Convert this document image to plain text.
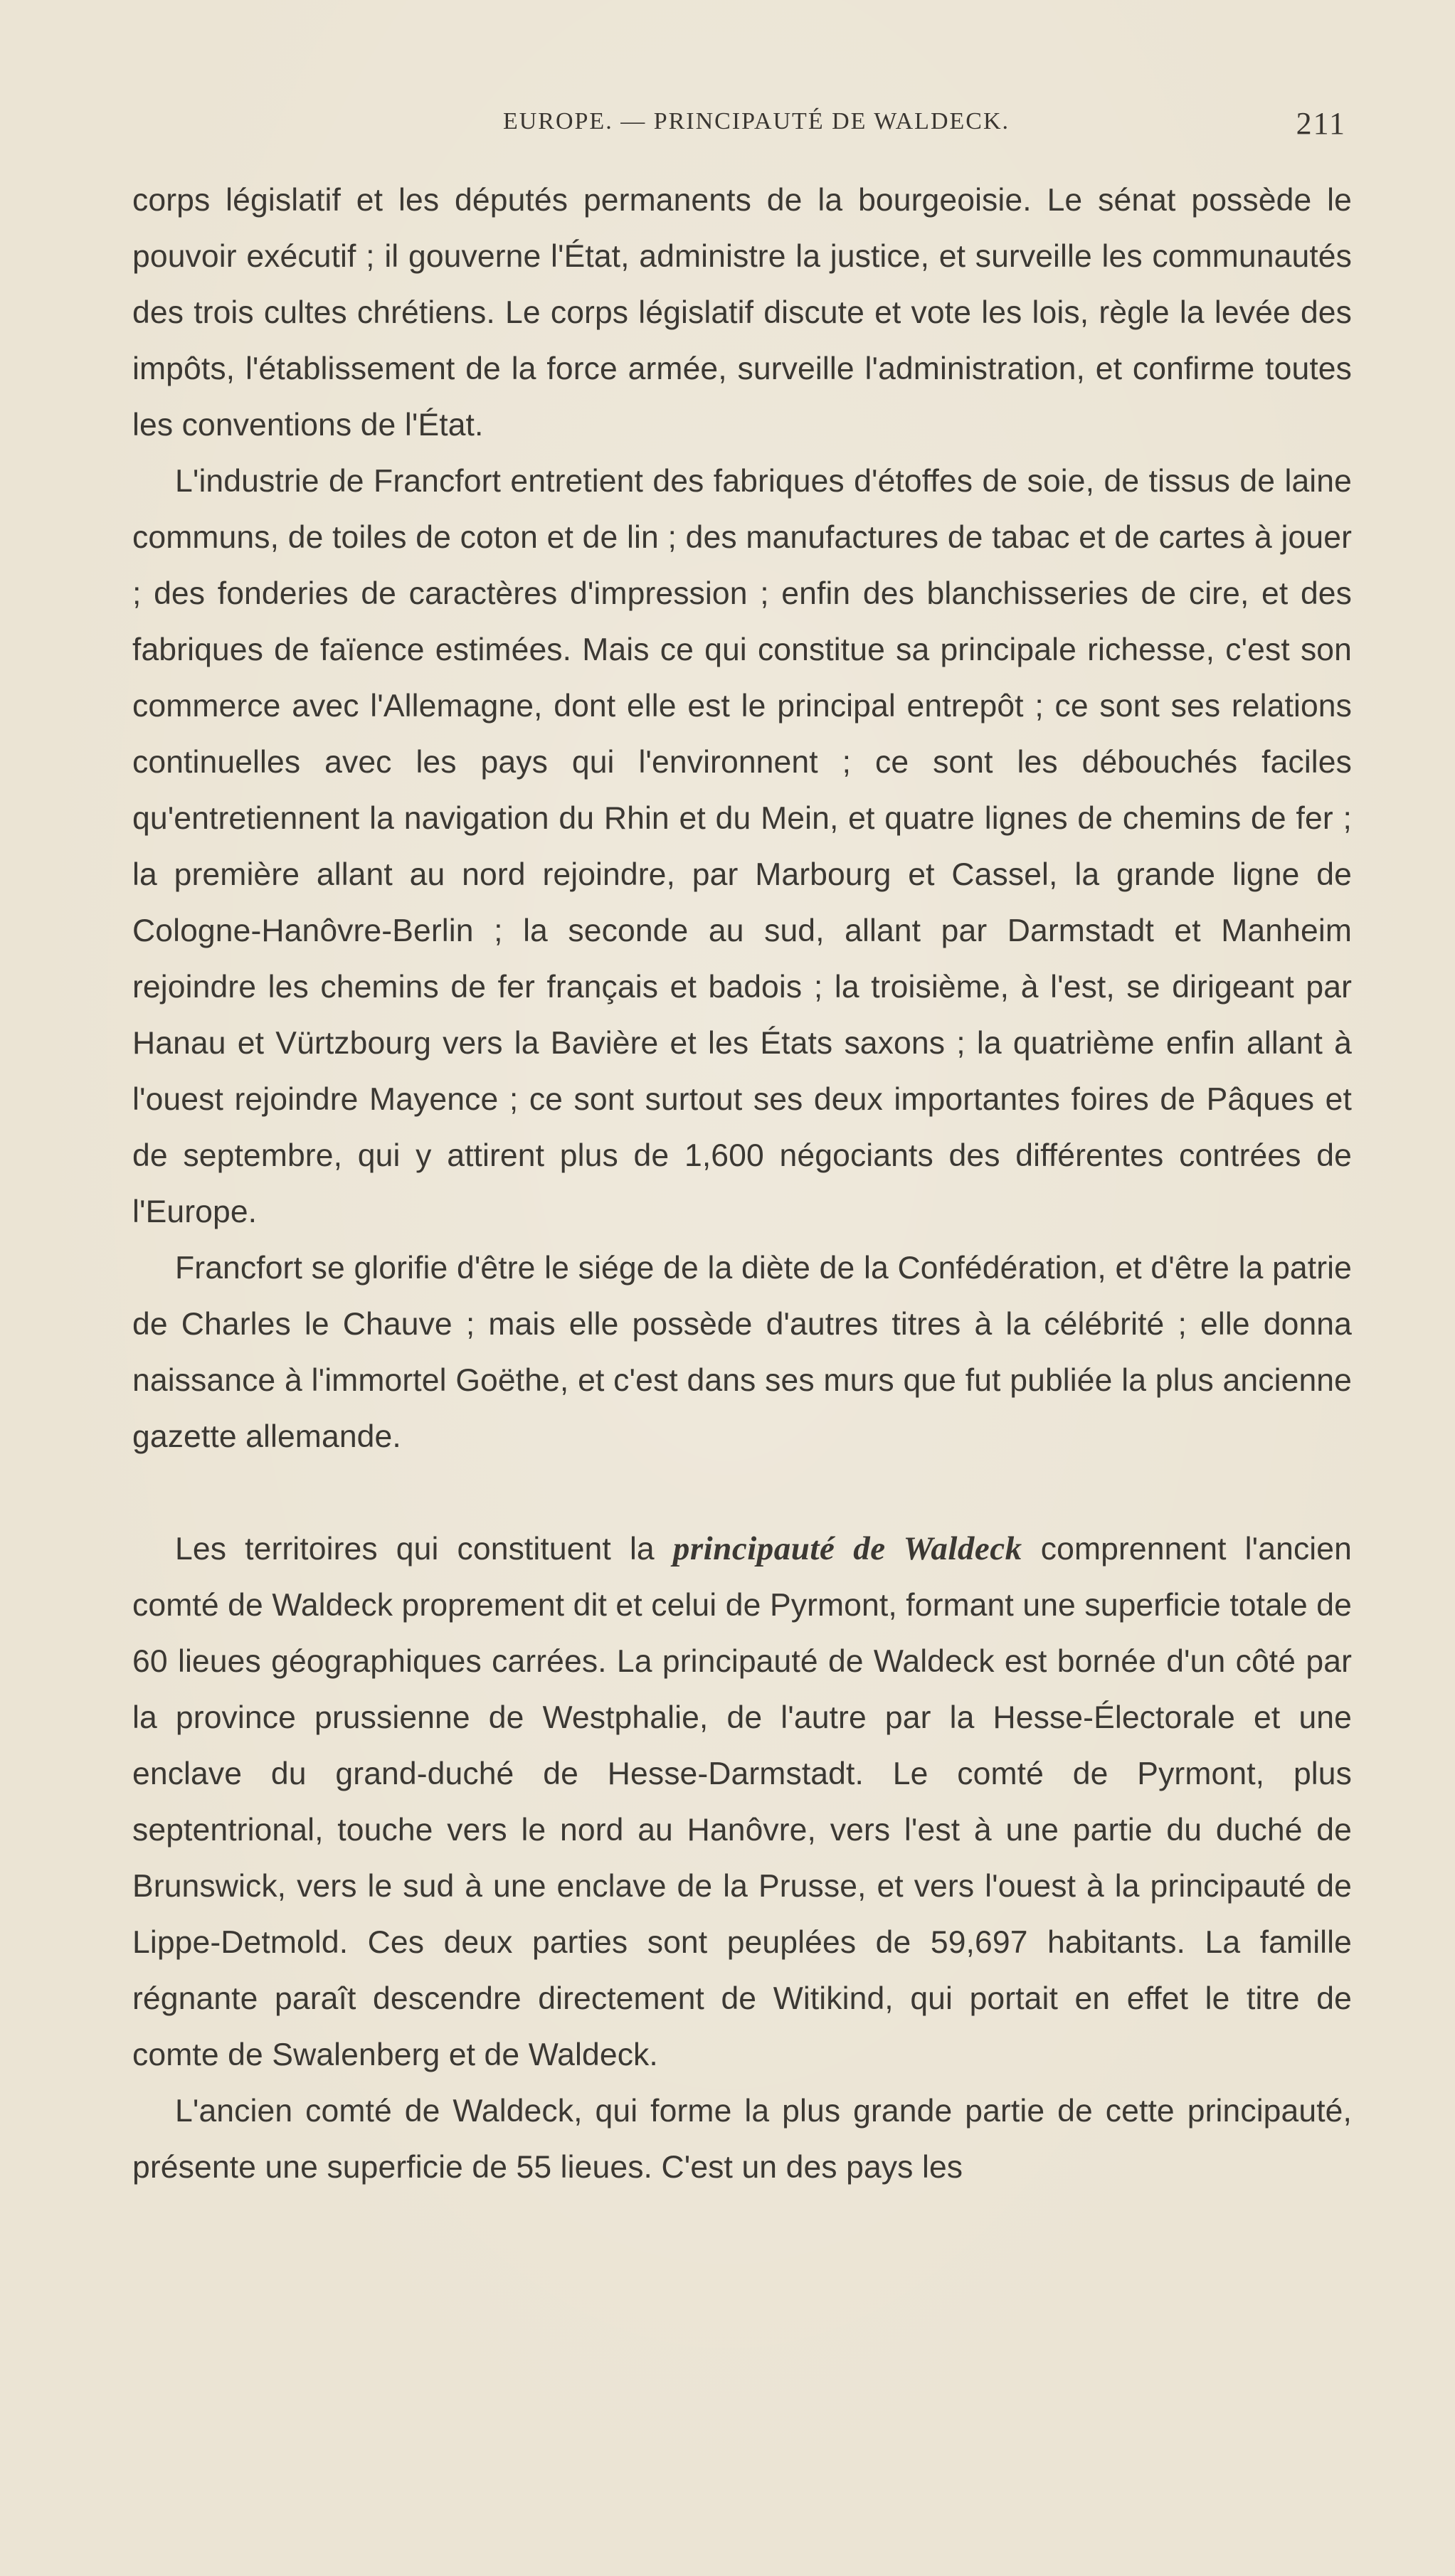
EUROPE. — PRINCIPAUTÉ DE WALDECK.	211

corps législatif et les députés permanents de la bourgeoisie. Le sénat possède le pouvoir exécutif ; il gouverne l'État, administre la justice, et surveille les communautés des trois cultes chrétiens. Le corps législatif discute et vote les lois, règle la levée des impôts, l'établissement de la force armée, surveille l'administration, et confirme toutes les conventions de l'État.

L'industrie de Francfort entretient des fabriques d'étoffes de soie, de tissus de laine communs, de toiles de coton et de lin ; des manufactures de tabac et de cartes à jouer ; des fonderies de caractères d'impression ; enfin des blanchisseries de cire, et des fabriques de faïence estimées. Mais ce qui constitue sa principale richesse, c'est son commerce avec l'Allemagne, dont elle est le principal entrepôt ; ce sont ses relations continuelles avec les pays qui l'environnent ; ce sont les débouchés faciles qu'entretiennent la navigation du Rhin et du Mein, et quatre lignes de chemins de fer ; la première allant au nord rejoindre, par Marbourg et Cassel, la grande ligne de Cologne-Hanôvre-Berlin ; la seconde au sud, allant par Darmstadt et Manheim rejoindre les chemins de fer français et badois ; la troisième, à l'est, se dirigeant par Hanau et Vürtzbourg vers la Bavière et les États saxons ; la quatrième enfin allant à l'ouest rejoindre Mayence ; ce sont surtout ses deux importantes foires de Pâques et de septembre, qui y attirent plus de 1,600 négociants des différentes contrées de l'Europe.

Francfort se glorifie d'être le siége de la diète de la Confédération, et d'être la patrie de Charles le Chauve ; mais elle possède d'autres titres à la célébrité ; elle donna naissance à l'immortel Goëthe, et c'est dans ses murs que fut publiée la plus ancienne gazette allemande.

Les territoires qui constituent la principauté de Waldeck comprennent l'ancien comté de Waldeck proprement dit et celui de Pyrmont, formant une superficie totale de 60 lieues géographiques carrées. La principauté de Waldeck est bornée d'un côté par la province prussienne de Westphalie, de l'autre par la Hesse-Électorale et une enclave du grand-duché de Hesse-Darmstadt. Le comté de Pyrmont, plus septentrional, touche vers le nord au Hanôvre, vers l'est à une partie du duché de Brunswick, vers le sud à une enclave de la Prusse, et vers l'ouest à la principauté de Lippe-Detmold. Ces deux parties sont peuplées de 59,697 habitants. La famille régnante paraît descendre directement de Witikind, qui portait en effet le titre de comte de Swalenberg et de Waldeck.

L'ancien comté de Waldeck, qui forme la plus grande partie de cette principauté, présente une superficie de 55 lieues. C'est un des pays les
